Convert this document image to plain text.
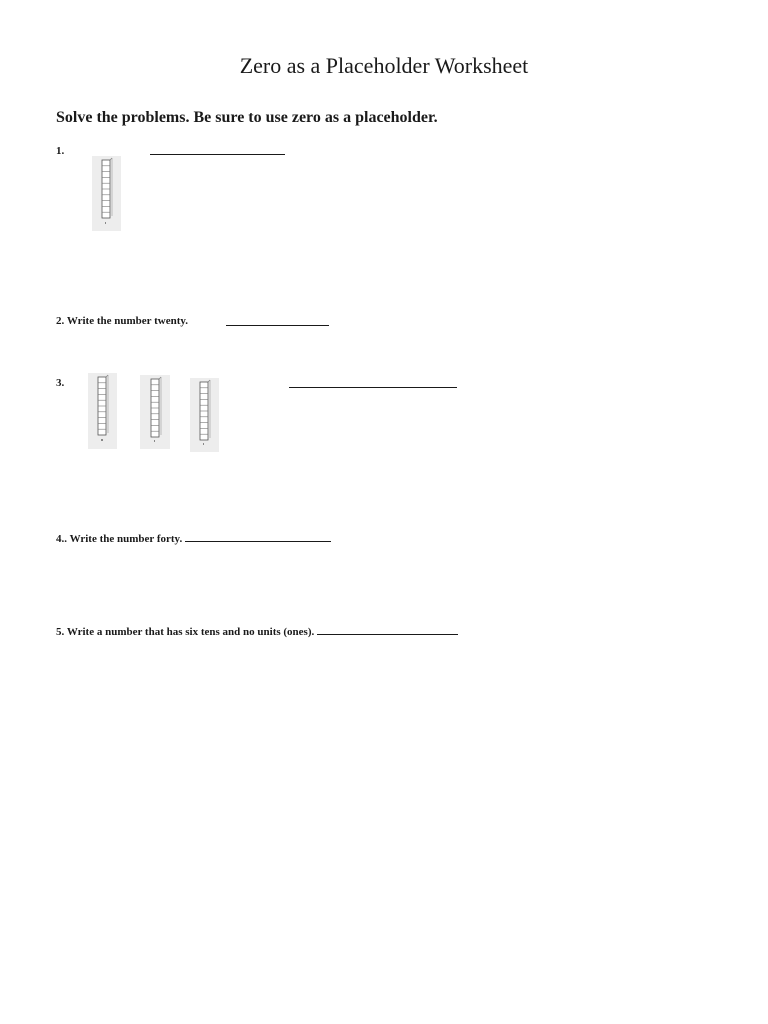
Zero as a Placeholder Worksheet
Solve the problems. Be sure to use zero as a placeholder.
1.
2. Write the number twenty.
3.
4.. Write the number forty.
5. Write a number that has six tens and no units (ones).
